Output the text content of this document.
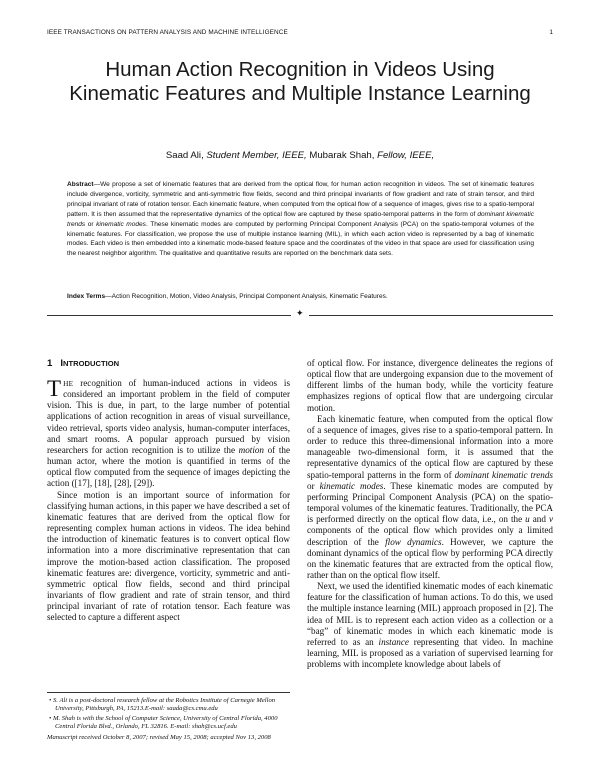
IEEE TRANSACTIONS ON PATTERN ANALYSIS AND MACHINE INTELLIGENCE	1
Human Action Recognition in Videos Using Kinematic Features and Multiple Instance Learning
Saad Ali, Student Member, IEEE, Mubarak Shah, Fellow, IEEE,
Abstract—We propose a set of kinematic features that are derived from the optical flow, for human action recognition in videos. The set of kinematic features include divergence, vorticity, symmetric and anti-symmetric flow fields, second and third principal invariants of flow gradient and rate of strain tensor, and third principal invariant of rate of rotation tensor. Each kinematic feature, when computed from the optical flow of a sequence of images, gives rise to a spatio-temporal pattern. It is then assumed that the representative dynamics of the optical flow are captured by these spatio-temporal patterns in the form of dominant kinematic trends or kinematic modes. These kinematic modes are computed by performing Principal Component Analysis (PCA) on the spatio-temporal volumes of the kinematic features. For classification, we propose the use of multiple instance learning (MIL), in which each action video is represented by a bag of kinematic modes. Each video is then embedded into a kinematic mode-based feature space and the coordinates of the video in that space are used for classification using the nearest neighbor algorithm. The qualitative and quantitative results are reported on the benchmark data sets.
Index Terms—Action Recognition, Motion, Video Analysis, Principal Component Analysis, Kinematic Features.
✦
1 INTRODUCTION

THE recognition of human-induced actions in videos is considered an important problem in the field of computer vision. This is due, in part, to the large number of potential applications of action recognition in areas of visual surveillance, video retrieval, sports video analysis, human-computer interfaces, and smart rooms. A popular approach pursued by vision researchers for action recognition is to utilize the motion of the human actor, where the motion is quantified in terms of the optical flow computed from the sequence of images depicting the action ([17], [18], [28], [29]).

Since motion is an important source of information for classifying human actions, in this paper we have described a set of kinematic features that are derived from the optical flow for representing complex human actions in videos. The idea behind the introduction of kinematic features is to convert optical flow information into a more discriminative representation that can improve the motion-based action classification. The proposed kinematic features are: divergence, vorticity, symmetric and anti-symmetric optical flow fields, second and third principal invariants of flow gradient and rate of strain tensor, and third principal invariant of rate of rotation tensor. Each feature was selected to capture a different aspect

• S. Ali is a post-doctoral research fellow at the Robotics Institute of Carnegie Mellon University, Pittsburgh, PA, 15213.E-mail: saada@cs.cmu.edu
• M. Shah is with the School of Computer Science, University of Central Florida, 4000 Central Florida Blvd., Orlando, FL 32816. E-mail: shah@cs.ucf.edu
Manuscript received October 8, 2007; revised May 15, 2008; accepted Nov 13, 2008

of optical flow. For instance, divergence delineates the regions of optical flow that are undergoing expansion due to the movement of different limbs of the human body, while the vorticity feature emphasizes regions of optical flow that are undergoing circular motion.

Each kinematic feature, when computed from the optical flow of a sequence of images, gives rise to a spatio-temporal pattern. In order to reduce this three-dimensional information into a more manageable two-dimensional form, it is assumed that the representative dynamics of the optical flow are captured by these spatio-temporal patterns in the form of dominant kinematic trends or kinematic modes. These kinematic modes are computed by performing Principal Component Analysis (PCA) on the spatio-temporal volumes of the kinematic features. Traditionally, the PCA is performed directly on the optical flow data, i.e., on the u and v components of the optical flow which provides only a limited description of the flow dynamics. However, we capture the dominant dynamics of the optical flow by performing PCA directly on the kinematic features that are extracted from the optical flow, rather than on the optical flow itself.

Next, we used the identified kinematic modes of each kinematic feature for the classification of human actions. To do this, we used the multiple instance learning (MIL) approach proposed in [2]. The idea of MIL is to represent each action video as a collection or a “bag” of kinematic modes in which each kinematic mode is referred to as an instance representing that video. In machine learning, MIL is proposed as a variation of supervised learning for problems with incomplete knowledge about labels of
